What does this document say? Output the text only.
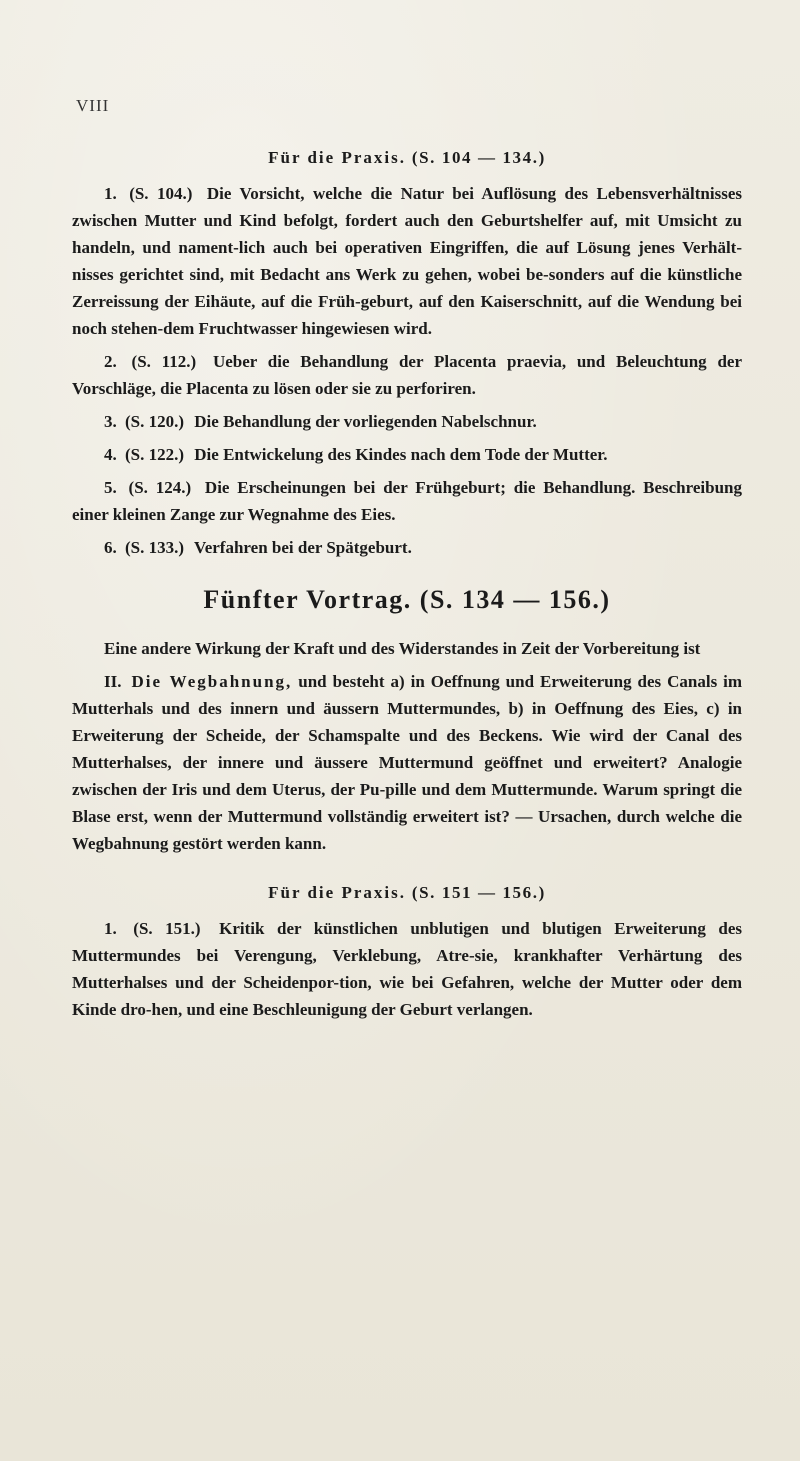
VIII

Für die Praxis. (S. 104 — 134.)

1. (S. 104.) Die Vorsicht, welche die Natur bei Auflösung des Lebensverhältnisses zwischen Mutter und Kind befolgt, fordert auch den Geburtshelfer auf, mit Umsicht zu handeln, und nament-lich auch bei operativen Eingriffen, die auf Lösung jenes Verhält-nisses gerichtet sind, mit Bedacht ans Werk zu gehen, wobei be-sonders auf die künstliche Zerreissung der Eihäute, auf die Früh-geburt, auf den Kaiserschnitt, auf die Wendung bei noch stehen-dem Fruchtwasser hingewiesen wird.

2. (S. 112.) Ueber die Behandlung der Placenta praevia, und Beleuchtung der Vorschläge, die Placenta zu lösen oder sie zu perforiren.

3. (S. 120.) Die Behandlung der vorliegenden Nabelschnur.

4. (S. 122.) Die Entwickelung des Kindes nach dem Tode der Mutter.

5. (S. 124.) Die Erscheinungen bei der Frühgeburt; die Behandlung. Beschreibung einer kleinen Zange zur Wegnahme des Eies.

6. (S. 133.) Verfahren bei der Spätgeburt.

Fünfter Vortrag. (S. 134 — 156.)

Eine andere Wirkung der Kraft und des Widerstandes in Zeit der Vorbereitung ist

II. Die Wegbahnung, und besteht a) in Oeffnung und Erweiterung des Canals im Mutterhals und des innern und äussern Muttermundes, b) in Oeffnung des Eies, c) in Erweiterung der Scheide, der Schamspalte und des Beckens. Wie wird der Canal des Mutterhalses, der innere und äussere Muttermund geöffnet und erweitert? Analogie zwischen der Iris und dem Uterus, der Pu-pille und dem Muttermunde. Warum springt die Blase erst, wenn der Muttermund vollständig erweitert ist? — Ursachen, durch welche die Wegbahnung gestört werden kann.

Für die Praxis. (S. 151 — 156.)

1. (S. 151.) Kritik der künstlichen unblutigen und blutigen Erweiterung des Muttermundes bei Verengung, Verklebung, Atre-sie, krankhafter Verhärtung des Mutterhalses und der Scheidenpor-tion, wie bei Gefahren, welche der Mutter oder dem Kinde dro-hen, und eine Beschleunigung der Geburt verlangen.
